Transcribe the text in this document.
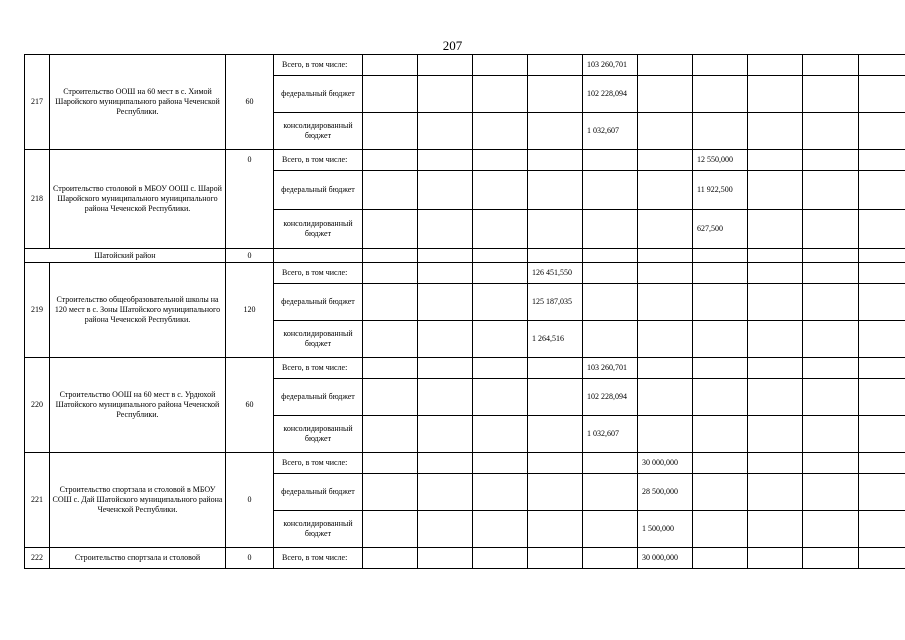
207
217	Строительство ООШ на 60 мест в с. Химой Шаройского муниципального района Чеченской Республики.	60	Всего, в том числе:					103 260,701					
			федеральный бюджет					102 228,094					
			консолидированный бюджет					1 032,607					
218	Строительство столовой в МБОУ ООШ с. Шарой Шаройского муниципального муниципального района Чеченской Республики.	0	Всего, в том числе:							12 550,000			
			федеральный бюджет							11 922,500			
			консолидированный бюджет							627,500			
Шатойский район		0											
219	Строительство общеобразовательной школы на 120 мест в с. Зоны Шатойского муниципального района Чеченской Республики.	120	Всего, в том числе:				126 451,550						
			федеральный бюджет				125 187,035						
			консолидированный бюджет				1 264,516						
220	Строительство ООШ на 60 мест в с. Урдюхой Шатойского муниципального района Чеченской Республики.	60	Всего, в том числе:					103 260,701					
			федеральный бюджет					102 228,094					
			консолидированный бюджет					1 032,607					
221	Строительство спортзала и столовой в МБОУ СОШ с. Дай Шатойского муниципального района Чеченской Республики.	0	Всего, в том числе:						30 000,000				
			федеральный бюджет						28 500,000				
			консолидированный бюджет						1 500,000				
222	Строительство спортзала и столовой	0	Всего, в том числе:						30 000,000				
